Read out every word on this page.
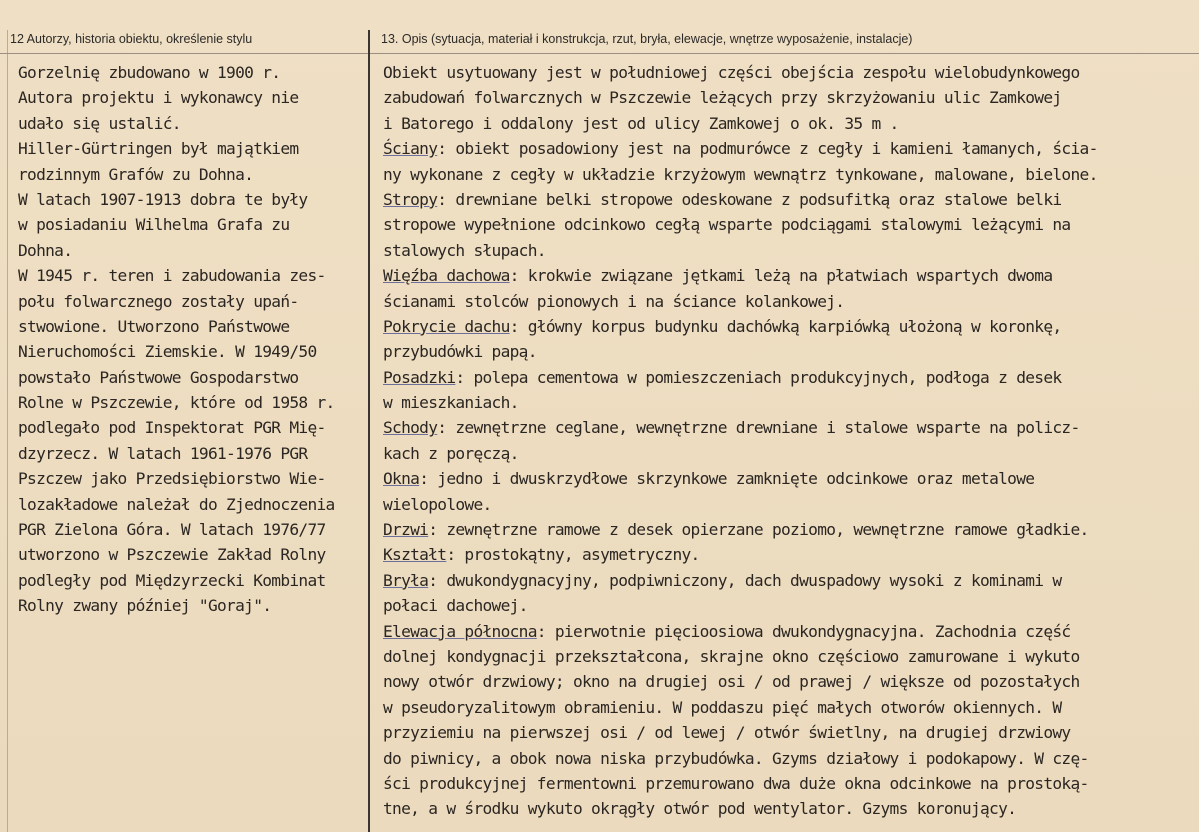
12 Autorzy, historia obiektu, określenie stylu	13. Opis (sytuacja, materiał i konstrukcja, rzut, bryła, elewacje, wnętrze wyposażenie, instalacje)
Gorzelnię zbudowano w 1900 r.
Autora projektu i wykonawcy nie
udało się ustalić.
Hiller-Gürtringen był majątkiem
rodzinnym Grafów zu Dohna.
W latach 1907-1913 dobra te były
w posiadaniu Wilhelma Grafa zu
Dohna.
W 1945 r. teren i zabudowania zes-
połu folwarcznego zostały upań-
stwowione. Utworzono Państwowe
Nieruchomości Ziemskie. W 1949/50
powstało Państwowe Gospodarstwo
Rolne w Pszczewie, które od 1958 r.
podlegało pod Inspektorat PGR Mię-
dzyrzecz. W latach 1961-1976 PGR
Pszczew jako Przedsiębiorstwo Wie-
lozakładowe należał do Zjednoczenia
PGR Zielona Góra. W latach 1976/77
utworzono w Pszczewie Zakład Rolny
podległy pod Międzyrzecki Kombinat
Rolny zwany później "Goraj".
Obiekt usytuowany jest w południowej części obejścia zespołu wielobudynkowego
zabudowań folwarcznych w Pszczewie leżących przy skrzyżowaniu ulic Zamkowej
i Batorego i oddalony jest od ulicy Zamkowej o ok. 35 m .
Ściany: obiekt posadowiony jest na podmurówce z cegły i kamieni łamanych, ścia-
ny wykonane z cegły w układzie krzyżowym wewnątrz tynkowane, malowane, bielone.
Stropy: drewniane belki stropowe odeskowane z podsufitką oraz stalowe belki
stropowe wypełnione odcinkowo cegłą wsparte podciągami stalowymi leżącymi na
stalowych słupach.
Więźba dachowa: krokwie związane jętkami leżą na płatwiach wspartych dwoma
ścianami stolców pionowych i na ściance kolankowej.
Pokrycie dachu: główny korpus budynku dachówką karpiówką ułożoną w koronkę,
przybudówki papą.
Posadzki: polepa cementowa w pomieszczeniach produkcyjnych, podłoga z desek
w mieszkaniach.
Schody: zewnętrzne ceglane, wewnętrzne drewniane i stalowe wsparte na policz-
kach z poręczą.
Okna: jedno i dwuskrzydłowe skrzynkowe zamknięte odcinkowe oraz metalowe
wielopolowe.
Drzwi: zewnętrzne ramowe z desek opierzane poziomo, wewnętrzne ramowe gładkie.
Kształt: prostokątny, asymetryczny.
Bryła: dwukondygnacyjny, podpiwniczony, dach dwuspadowy wysoki z kominami w
połaci dachowej.
Elewacja północna: pierwotnie pięcioosiowa dwukondygnacyjna. Zachodnia część
dolnej kondygnacji przekształcona, skrajne okno częściowo zamurowane i wykuto
nowy otwór drzwiowy; okno na drugiej osi / od prawej / większe od pozostałych
w pseudoryzalitowym obramieniu. W poddaszu pięć małych otworów okiennych. W
przyziemiu na pierwszej osi / od lewej / otwór świetlny, na drugiej drzwiowy
do piwnicy, a obok nowa niska przybudówka. Gzyms działowy i podokapowy. W czę-
ści produkcyjnej fermentowni przemurowano dwa duże okna odcinkowe na prostoką-
tne, a w środku wykuto okrągły otwór pod wentylator. Gzyms koronujący.
